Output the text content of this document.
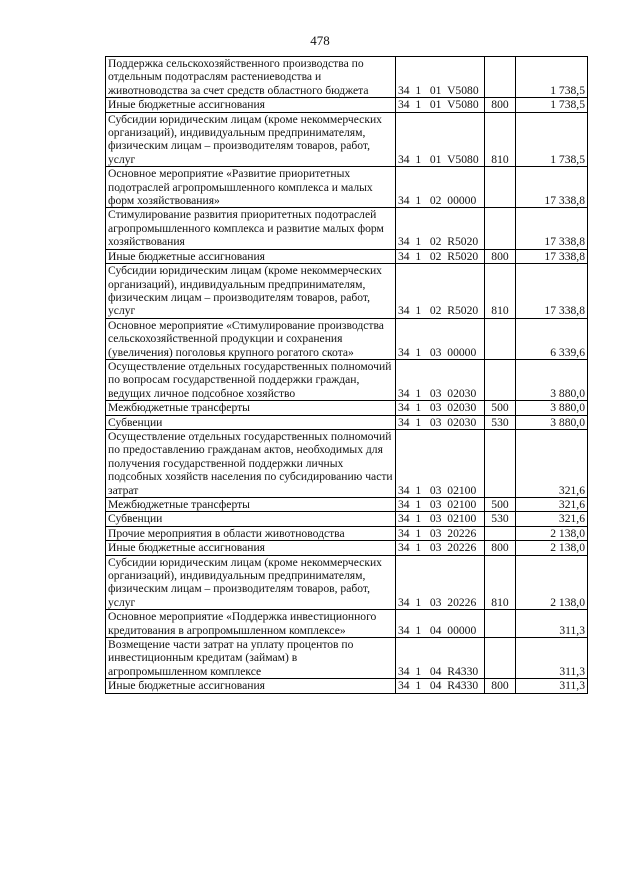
478
Поддержка сельскохозяйственного производства по отдельным подотраслям растениеводства и животноводства за счет средств областного бюджета	34  1   01  V5080		1 738,5
Иные бюджетные ассигнования	34  1   01  V5080	800	1 738,5
Субсидии юридическим лицам (кроме некоммерческих организаций), индивидуальным предпринимателям, физическим лицам – производителям товаров, работ, услуг	34  1   01  V5080	810	1 738,5
Основное мероприятие «Развитие приоритетных подотраслей агропромышленного комплекса и малых форм хозяйствования»	34  1   02  00000		17 338,8
Стимулирование развития приоритетных подотраслей агропромышленного комплекса и развитие малых форм хозяйствования	34  1   02  R5020		17 338,8
Иные бюджетные ассигнования	34  1   02  R5020	800	17 338,8
Субсидии юридическим лицам (кроме некоммерческих организаций), индивидуальным предпринимателям, физическим лицам – производителям товаров, работ, услуг	34  1   02  R5020	810	17 338,8
Основное мероприятие «Стимулирование производства сельскохозяйственной продукции и сохранения (увеличения) поголовья крупного рогатого скота»	34  1   03  00000		6 339,6
Осуществление отдельных государственных полномочий по вопросам государственной поддержки граждан, ведущих личное подсобное хозяйство	34  1   03  02030		3 880,0
Межбюджетные трансферты	34  1   03  02030	500	3 880,0
Субвенции	34  1   03  02030	530	3 880,0
Осуществление отдельных государственных полномочий по предоставлению гражданам актов, необходимых для получения государственной поддержки личных подсобных хозяйств населения по субсидированию части затрат	34  1   03  02100		321,6
Межбюджетные трансферты	34  1   03  02100	500	321,6
Субвенции	34  1   03  02100	530	321,6
Прочие мероприятия в области животноводства	34  1   03  20226		2 138,0
Иные бюджетные ассигнования	34  1   03  20226	800	2 138,0
Субсидии юридическим лицам (кроме некоммерческих организаций), индивидуальным предпринимателям, физическим лицам – производителям товаров, работ, услуг	34  1   03  20226	810	2 138,0
Основное мероприятие «Поддержка инвестиционного кредитования в агропромышленном комплексе»	34  1   04  00000		311,3
Возмещение части затрат на уплату процентов по инвестиционным кредитам (займам) в агропромышленном комплексе	34  1   04  R4330		311,3
Иные бюджетные ассигнования	34  1   04  R4330	800	311,3
